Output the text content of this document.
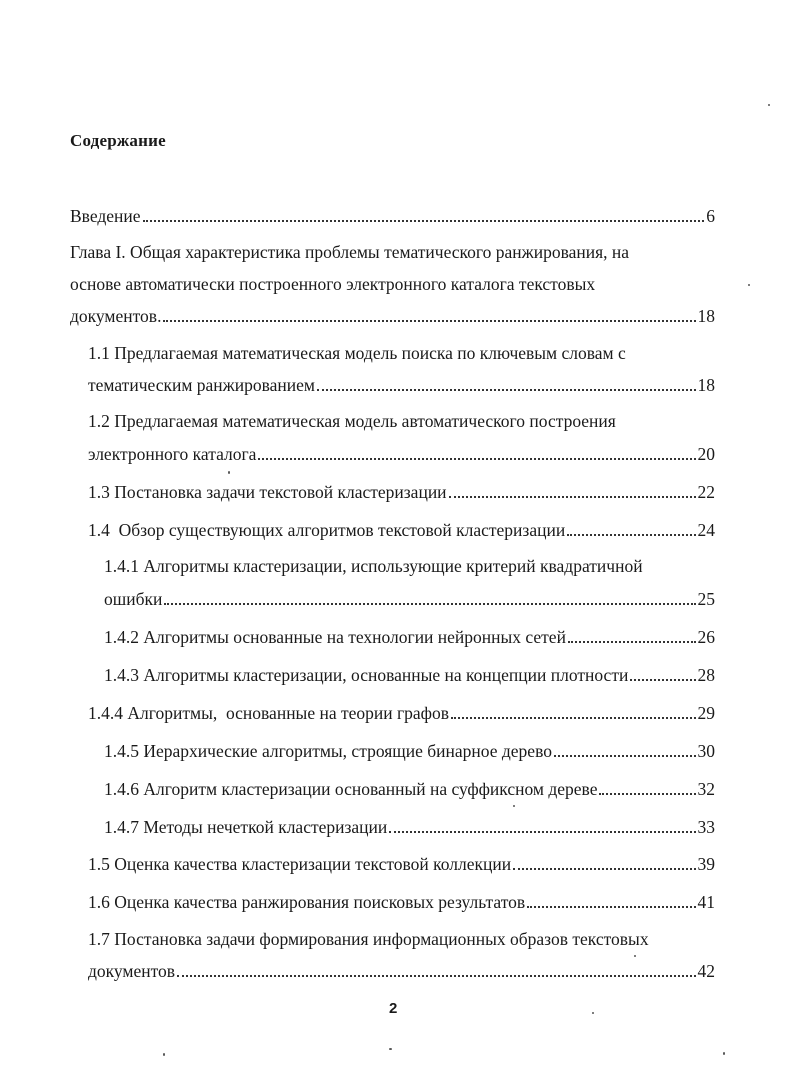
Содержание
Введение	6
Глава I. Общая характеристика проблемы тематического ранжирования, на
основе автоматически построенного электронного каталога текстовых
документов.	18
1.1 Предлагаемая математическая модель поиска по ключевым словам с
тематическим ранжированием	18
1.2 Предлагаемая математическая модель автоматического построения
электронного каталога	20
1.3 Постановка задачи текстовой кластеризации	22
1.4  Обзор существующих алгоритмов текстовой кластеризации	24
1.4.1 Алгоритмы кластеризации, использующие критерий квадратичной
ошибки	25
1.4.2 Алгоритмы основанные на технологии нейронных сетей	26
1.4.3 Алгоритмы кластеризации, основанные на концепции плотности	28
1.4.4 Алгоритмы,  основанные на теории графов	29
1.4.5 Иерархические алгоритмы, строящие бинарное дерево	30
1.4.6 Алгоритм кластеризации основанный на суффиксном дереве	32
1.4.7 Методы нечеткой кластеризации	33
1.5 Оценка качества кластеризации текстовой коллекции	39
1.6 Оценка качества ранжирования поисковых результатов	41
1.7 Постановка задачи формирования информационных образов текстовых
документов	42
2
